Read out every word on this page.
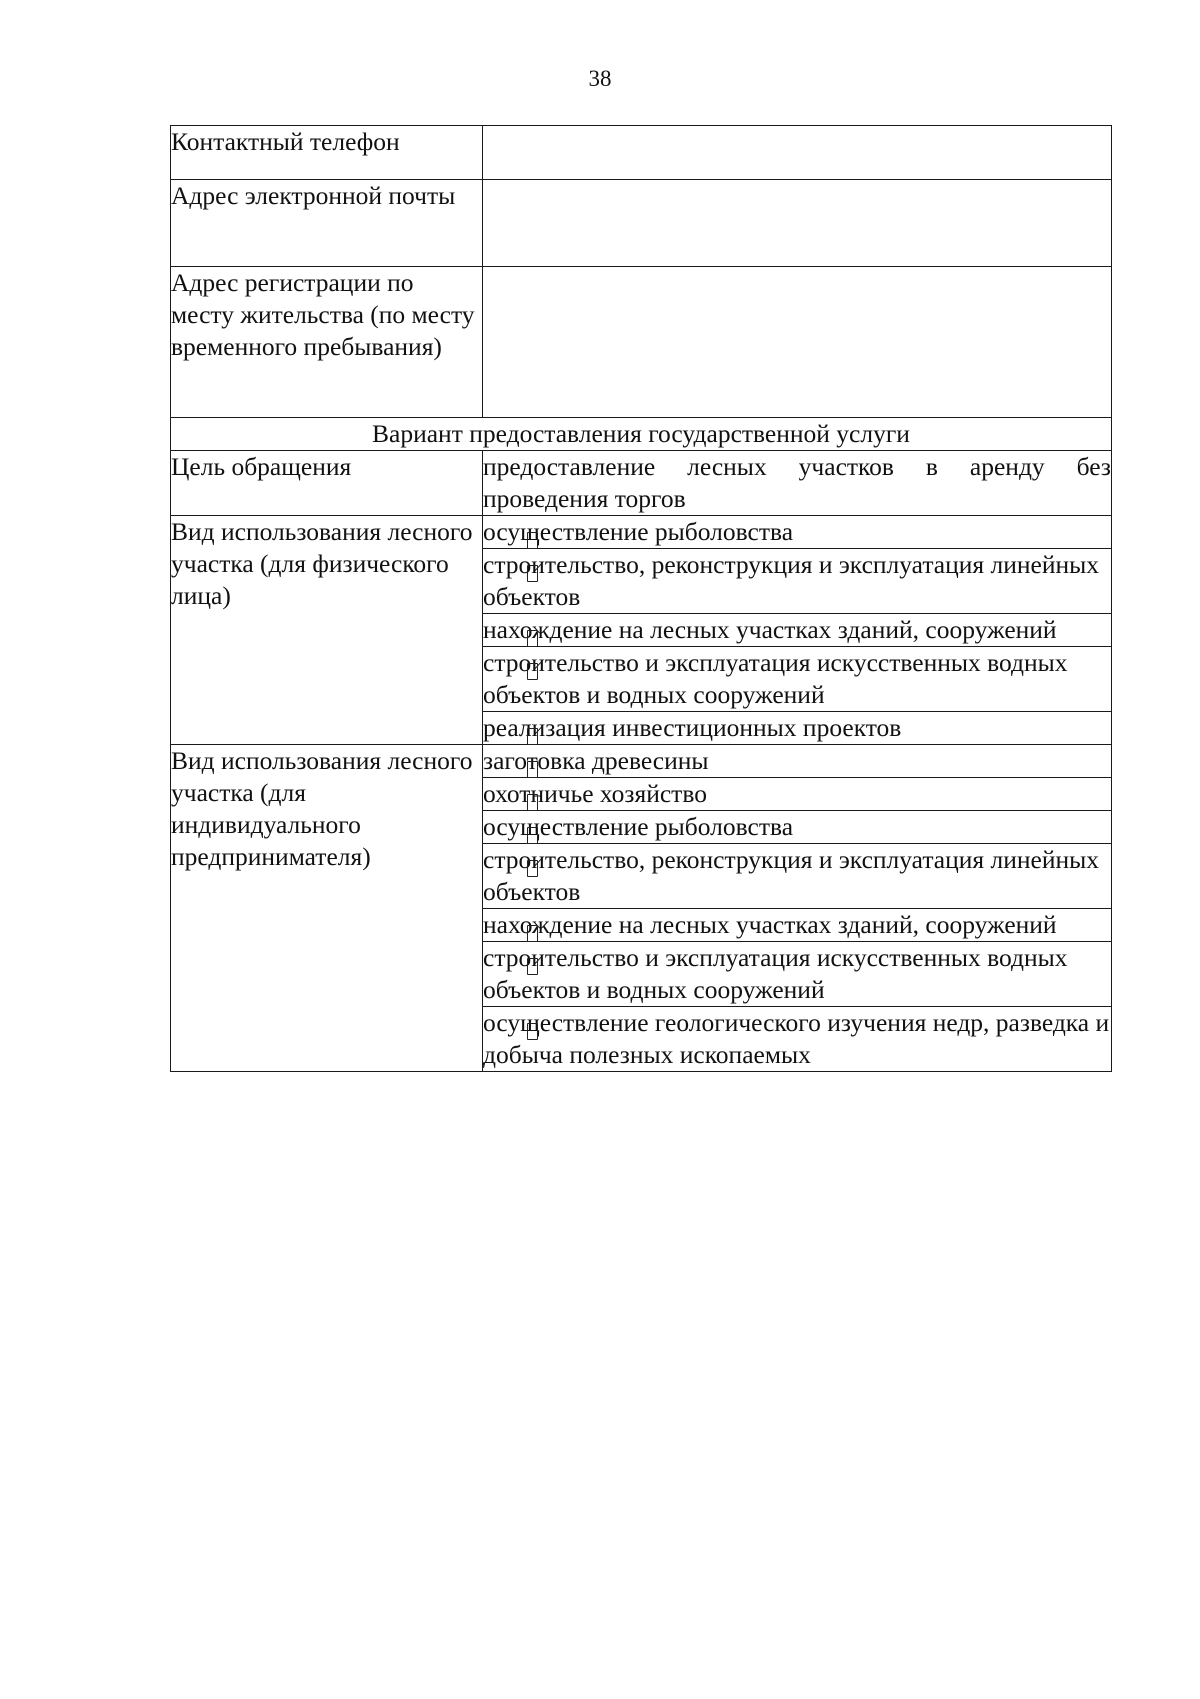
38
Контактный телефон	
Адрес электронной почты	
Адрес регистрации по месту жительства (по месту временного пребывания)	
Вариант предоставления государственной услуги	
Цель обращения	предоставление лесных участков в аренду без проведения торгов
Вид использования лесного участка (для физического лица)	осуществление рыболовства

строительство, реконструкция и эксплуатация линейных объектов

нахождение на лесных участках зданий, сооружений

строительство и эксплуатация искусственных водных объектов и водных сооружений

реализация инвестиционных проектов
Вид использования лесного участка (для индивидуального предпринимателя)	заготовка древесины

охотничье хозяйство

осуществление рыболовства

строительство, реконструкция и эксплуатация линейных объектов

нахождение на лесных участках зданий, сооружений

строительство и эксплуатация искусственных водных объектов и водных сооружений

осуществление геологического изучения недр, разведка и добыча полезных ископаемых
